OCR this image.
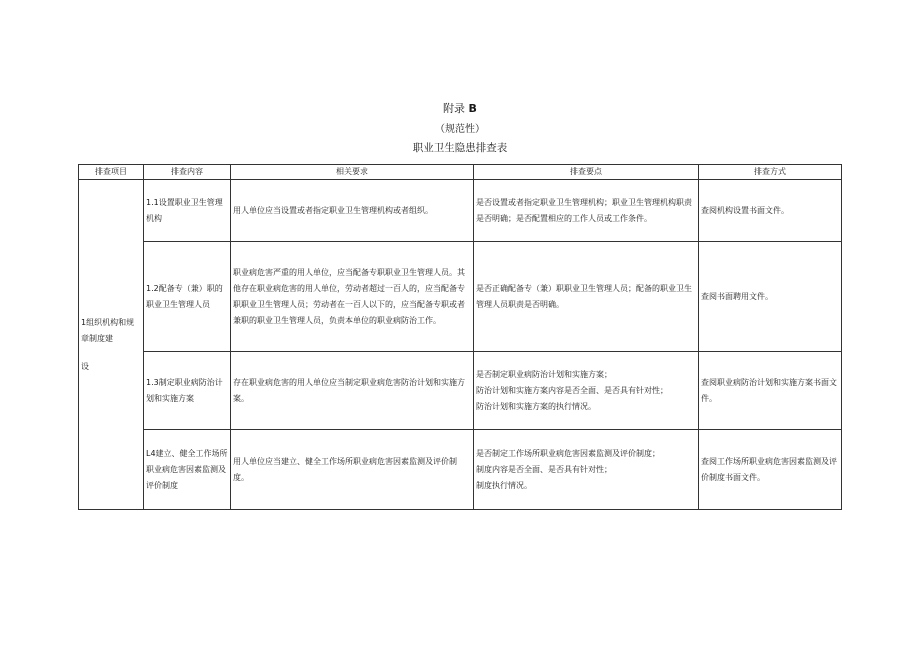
附录 B
（规范性）
职业卫生隐患排查表
排查项目	排查内容	相关要求	排查要点	排查方式

1组织机构和规章制度建
设	1.1设置职业卫生管理机构	用人单位应当设置或者指定职业卫生管理机构或者组织。	是否设置或者指定职业卫生管理机构；职业卫生管理机构职责是否明确；是否配置相应的工作人员或工作条件。	查阅机构设置书面文件。
	1.2配备专（兼）职的职业卫生管理人员	职业病危害严重的用人单位，应当配备专职职业卫生管理人员。其他存在职业病危害的用人单位，劳动者超过一百人的，应当配备专职职业卫生管理人员；劳动者在一百人以下的，应当配备专职或者兼职的职业卫生管理人员，负责本单位的职业病防治工作。	是否正确配备专（兼）职职业卫生管理人员；配备的职业卫生管理人员职责是否明确。	查阅书面聘用文件。
	1.3制定职业病防治计划和实施方案	存在职业病危害的用人单位应当制定职业病危害防治计划和实施方案。	是否制定职业病防治计划和实施方案；
防治计划和实施方案内容是否全面、是否具有针对性；
防治计划和实施方案的执行情况。	查阅职业病防治计划和实施方案书面文件。
	L4建立、健全工作场所职业病危害因素监测及评价制度	用人单位应当建立、健全工作场所职业病危害因素监测及评价制度。	是否制定工作场所职业病危害因素监测及评价制度；
制度内容是否全面、是否具有针对性；
制度执行情况。	查阅工作场所职业病危害因素监测及评价制度书面文件。
